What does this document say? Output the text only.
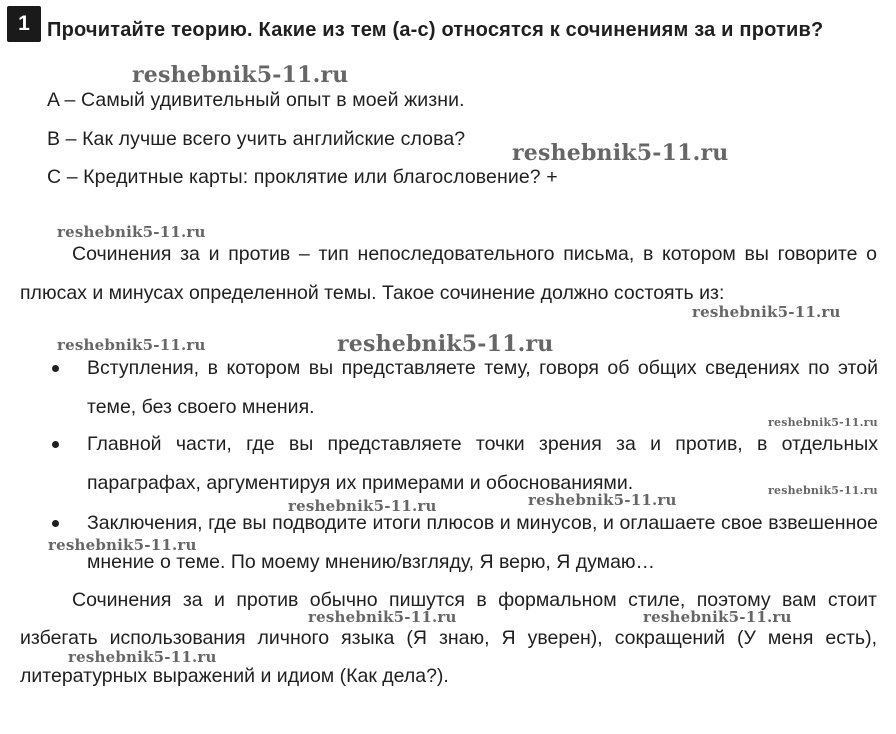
1 Прочитайте теорию. Какие из тем (a-c) относятся к сочинениям за и против?
A – Самый удивительный опыт в моей жизни.
B – Как лучше всего учить английские слова?
C – Кредитные карты: проклятие или благословение? +
Сочинения за и против – тип непоследовательного письма, в котором вы говорите о плюсах и минусах определенной темы. Такое сочинение должно состоять из:
Вступления, в котором вы представляете тему, говоря об общих сведениях по этой теме, без своего мнения.
Главной части, где вы представляете точки зрения за и против, в отдельных параграфах, аргументируя их примерами и обоснованиями.
Заключения, где вы подводите итоги плюсов и минусов, и оглашаете свое взвешенное мнение о теме. По моему мнению/взгляду, Я верю, Я думаю…
Сочинения за и против обычно пишутся в формальном стиле, поэтому вам стоит избегать использования личного языка (Я знаю, Я уверен), сокращений (У меня есть), литературных выражений и идиом (Как дела?).
reshebnik5-11.ru
reshebnik5-11.ru
reshebnik5-11.ru
reshebnik5-11.ru
reshebnik5-11.ru	reshebnik5-11.ru
reshebnik5-11.ru
reshebnik5-11.ru
reshebnik5-11.ru
reshebnik5-11.ru
reshebnik5-11.ru
reshebnik5-11.ru	reshebnik5-11.ru
reshebnik5-11.ru
